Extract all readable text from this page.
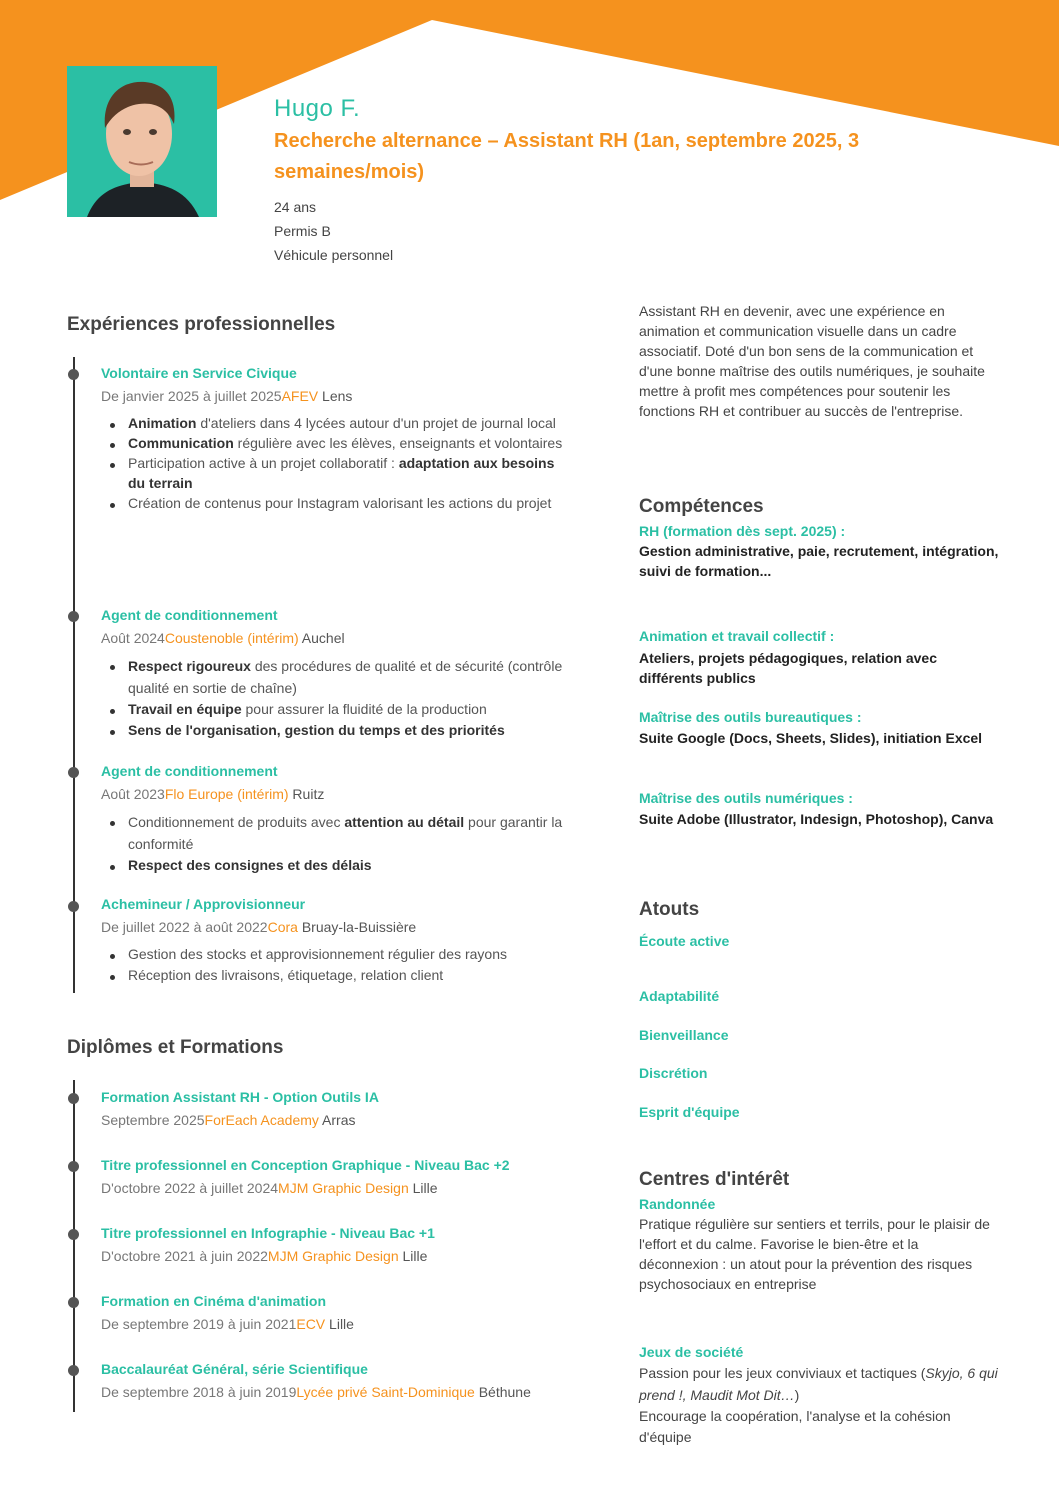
Hugo F.
Recherche alternance – Assistant RH (1an, septembre 2025, 3 semaines/mois)
24 ans
Permis B
Véhicule personnel
Expériences professionnelles
Volontaire en Service Civique
De janvier 2025 à juillet 2025AFEV Lens
Animation d'ateliers dans 4 lycées autour d'un projet de journal local
Communication régulière avec les élèves, enseignants et volontaires
Participation active à un projet collaboratif : adaptation aux besoins du terrain
Création de contenus pour Instagram valorisant les actions du projet
Agent de conditionnement
Août 2024Coustenoble (intérim) Auchel
Respect rigoureux des procédures de qualité et de sécurité (contrôle qualité en sortie de chaîne)
Travail en équipe pour assurer la fluidité de la production
Sens de l'organisation, gestion du temps et des priorités
Agent de conditionnement
Août 2023Flo Europe (intérim) Ruitz
Conditionnement de produits avec attention au détail pour garantir la conformité
Respect des consignes et des délais
Achemineur / Approvisionneur
De juillet 2022 à août 2022Cora Bruay-la-Buissière
Gestion des stocks et approvisionnement régulier des rayons
Réception des livraisons, étiquetage, relation client
Diplômes et Formations
Formation Assistant RH - Option Outils IA
Septembre 2025ForEach Academy Arras
Titre professionnel en Conception Graphique - Niveau Bac +2
D'octobre 2022 à juillet 2024MJM Graphic Design Lille
Titre professionnel en Infographie - Niveau Bac +1
D'octobre 2021 à juin 2022MJM Graphic Design Lille
Formation en Cinéma d'animation
De septembre 2019 à juin 2021ECV Lille
Baccalauréat Général, série Scientifique
De septembre 2018 à juin 2019Lycée privé Saint-Dominique Béthune
Assistant RH en devenir, avec une expérience en animation et communication visuelle dans un cadre associatif. Doté d'un bon sens de la communication et d'une bonne maîtrise des outils numériques, je souhaite mettre à profit mes compétences pour soutenir les fonctions RH et contribuer au succès de l'entreprise.
Compétences
RH (formation dès sept. 2025) :
Gestion administrative, paie, recrutement, intégration, suivi de formation...
Animation et travail collectif :
Ateliers, projets pédagogiques, relation avec différents publics
Maîtrise des outils bureautiques :
Suite Google (Docs, Sheets, Slides), initiation Excel
Maîtrise des outils numériques :
Suite Adobe (Illustrator, Indesign, Photoshop), Canva
Atouts
Écoute active
Adaptabilité
Bienveillance
Discrétion
Esprit d'équipe
Centres d'intérêt
Randonnée
Pratique régulière sur sentiers et terrils, pour le plaisir de l'effort et du calme. Favorise le bien-être et la déconnexion : un atout pour la prévention des risques psychosociaux en entreprise
Jeux de société
Passion pour les jeux conviviaux et tactiques (Skyjo, 6 qui prend !, Maudit Mot Dit…)
Encourage la coopération, l'analyse et la cohésion d'équipe
